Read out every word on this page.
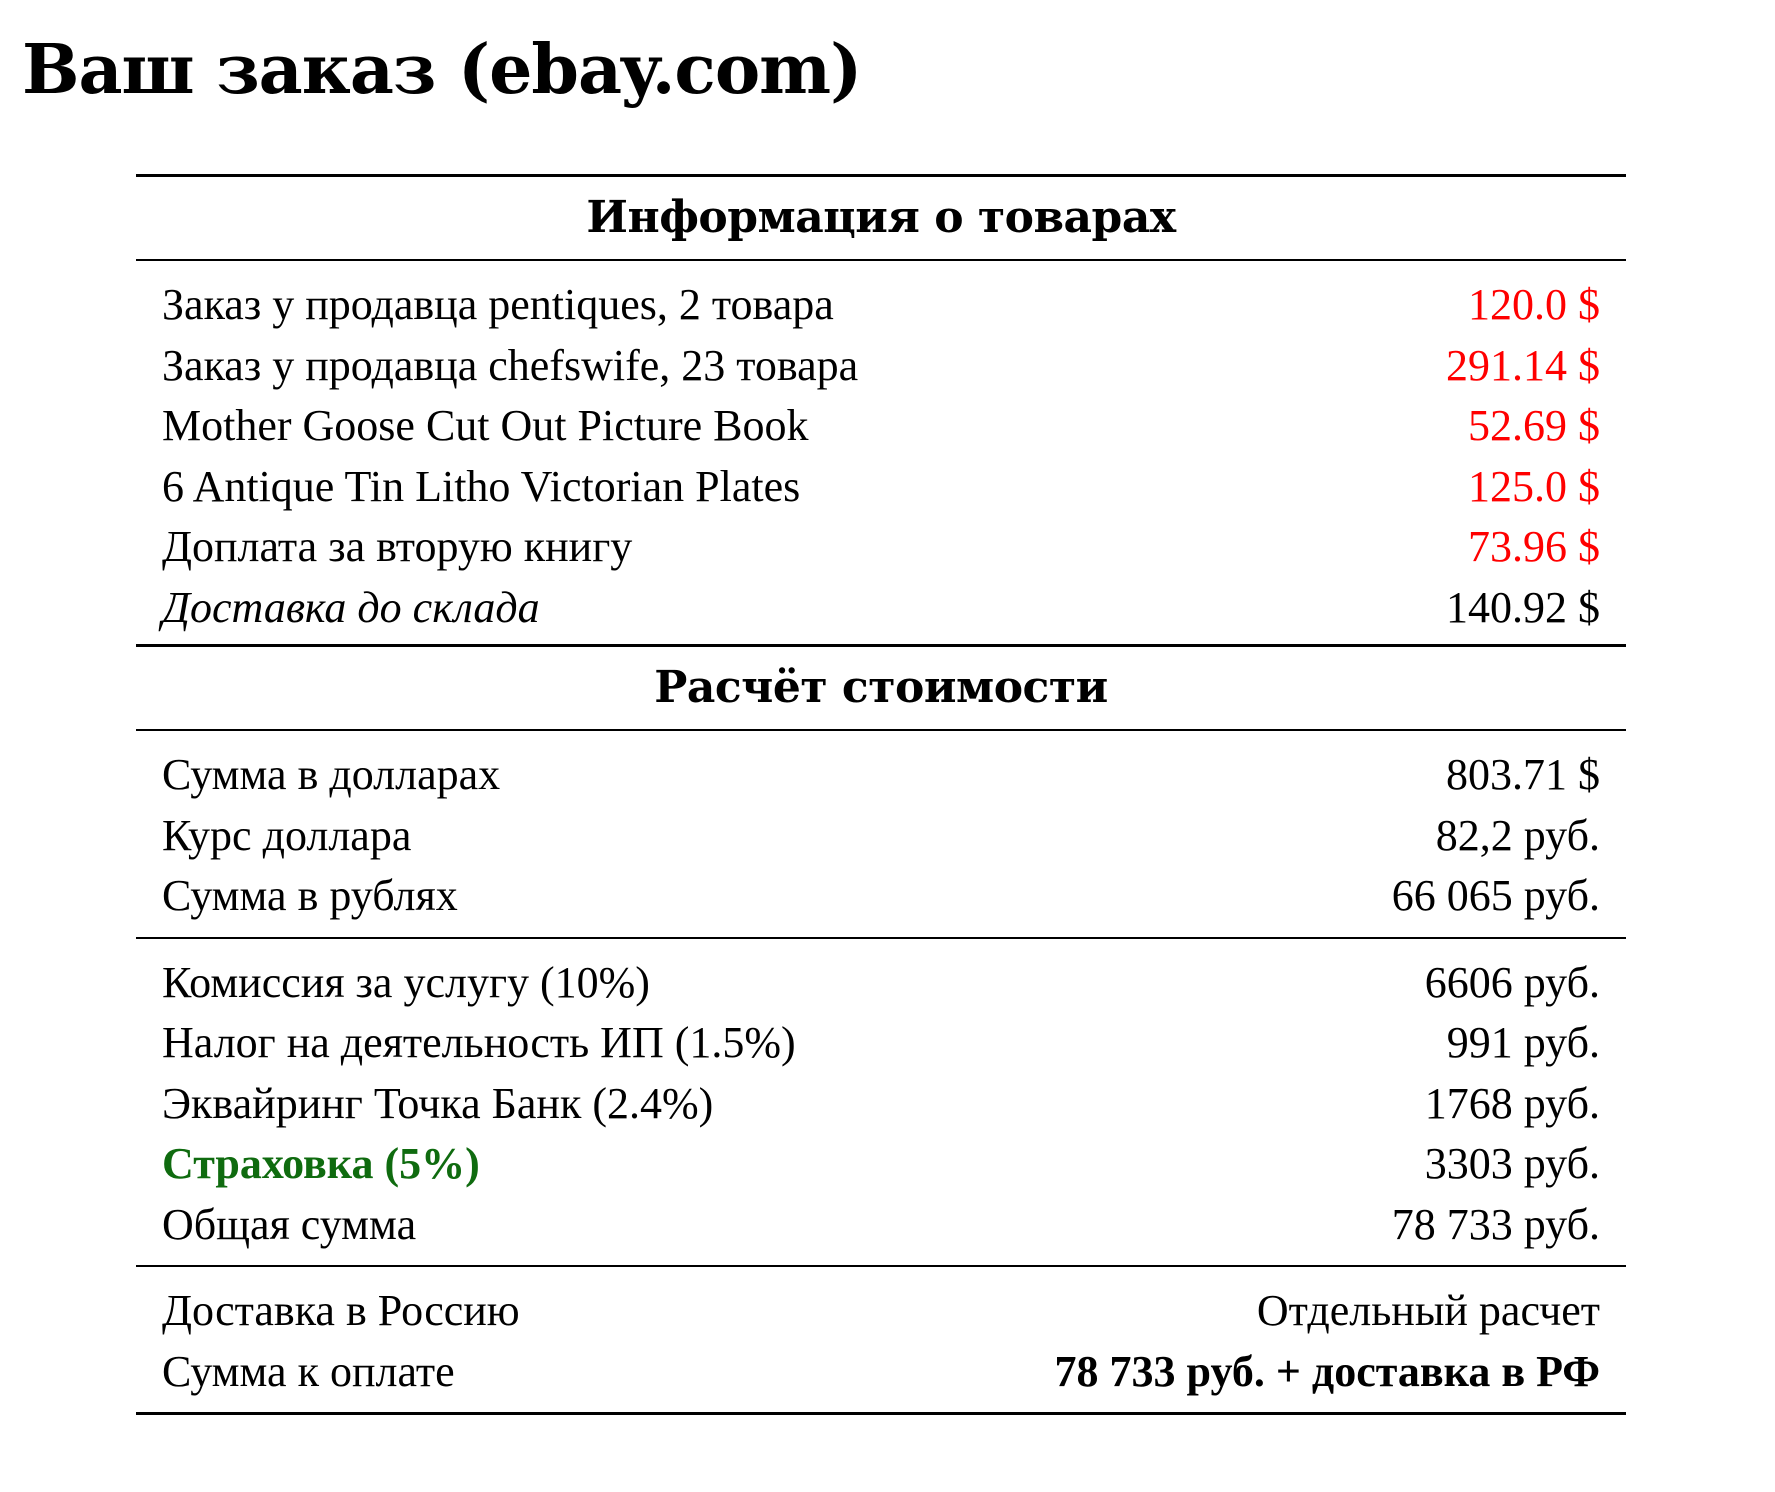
Ваш заказ (ebay.com)
Информация о товарах
Заказ у продавца pentiques, 2 товара	120.0 $
Заказ у продавца chefswife, 23 товара	291.14 $
Mother Goose Cut Out Picture Book	52.69 $
6 Antique Tin Litho Victorian Plates	125.0 $
Доплата за вторую книгу	73.96 $
Доставка до склада	140.92 $
Расчёт стоимости
Сумма в долларах	803.71 $
Курс доллара	82,2 руб.
Сумма в рублях	66 065 руб.
Комиссия за услугу (10%)	6606 руб.
Налог на деятельность ИП (1.5%)	991 руб.
Эквайринг Точка Банк (2.4%)	1768 руб.
Страховка (5%)	3303 руб.
Общая сумма	78 733 руб.
Доставка в Россию	Отдельный расчет
Сумма к оплате	78 733 руб. + доставка в РФ
